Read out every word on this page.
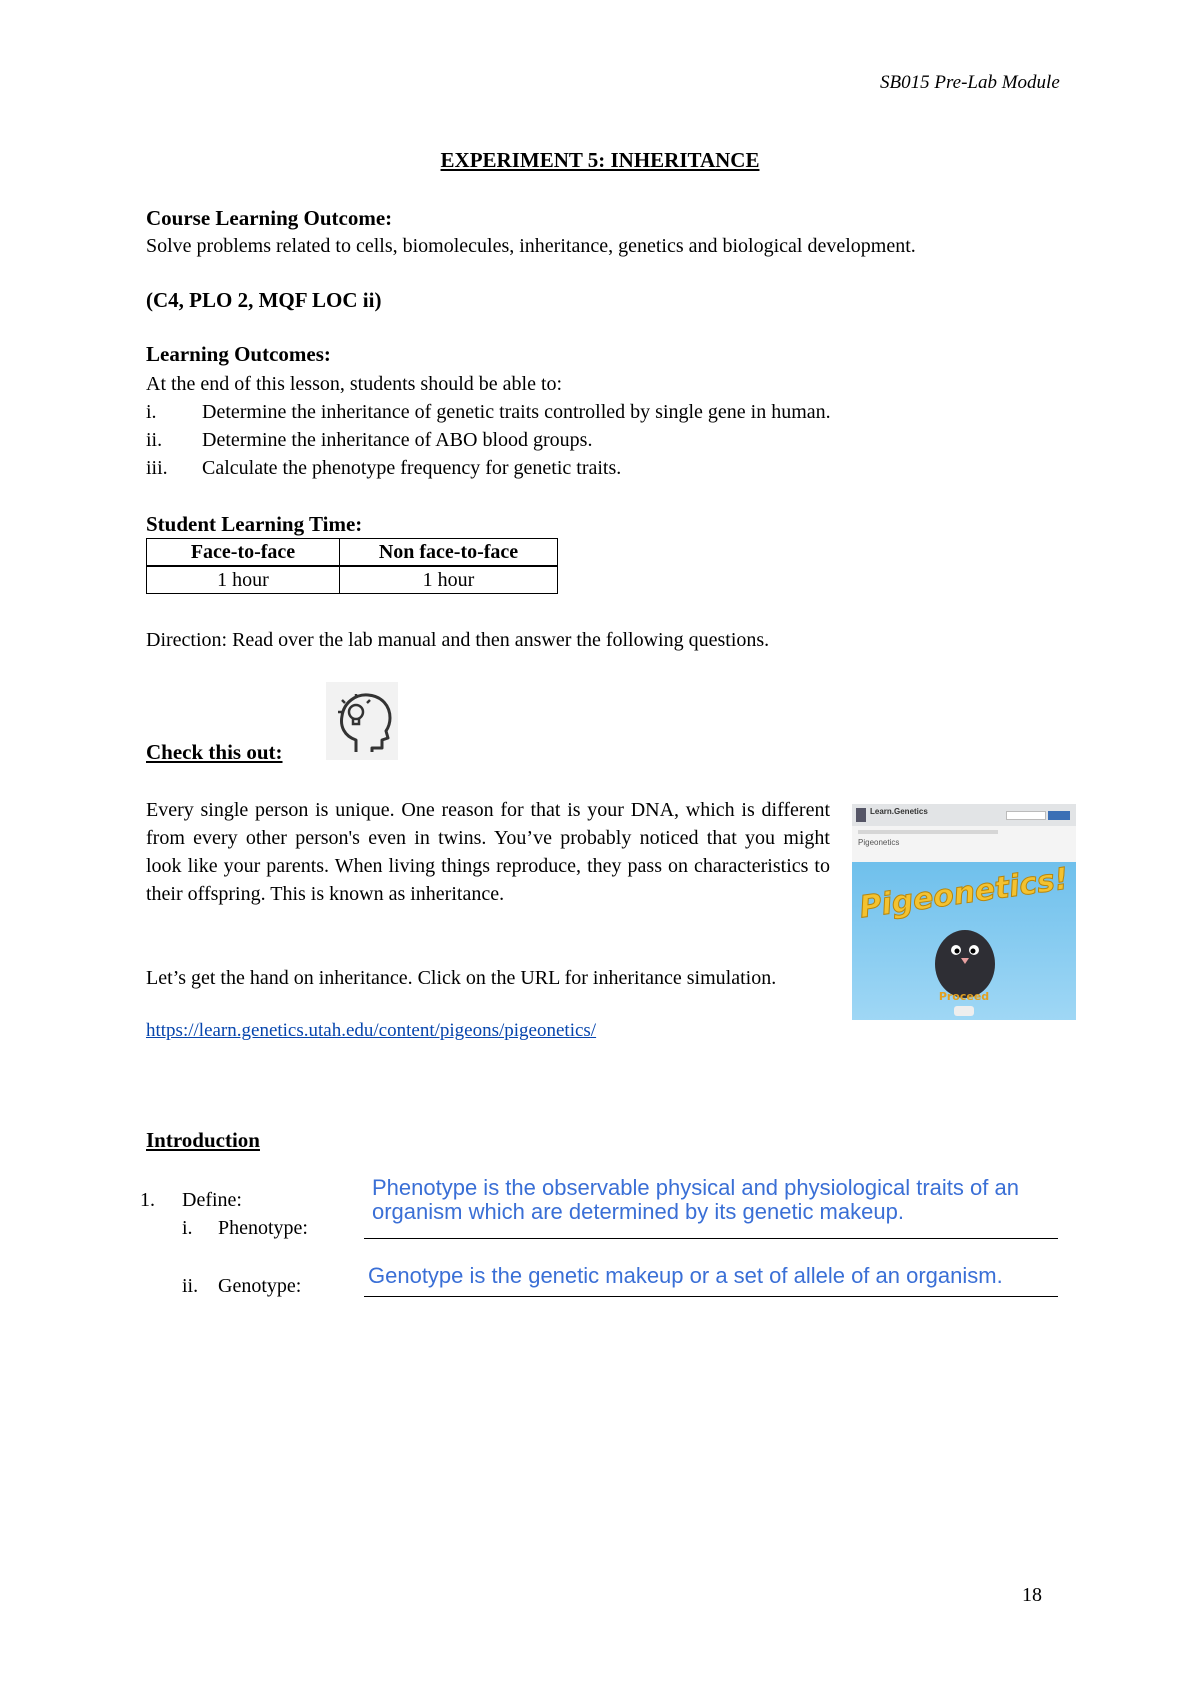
SB015 Pre-Lab Module
EXPERIMENT 5: INHERITANCE
Course Learning Outcome:
Solve problems related to cells, biomolecules, inheritance, genetics and biological development.
(C4, PLO 2, MQF LOC ii)
Learning Outcomes:
At the end of this lesson, students should be able to:
i. Determine the inheritance of genetic traits controlled by single gene in human.
ii. Determine the inheritance of ABO blood groups.
iii. Calculate the phenotype frequency for genetic traits.
Student Learning Time:
Face-to-face	Non face-to-face
1 hour	1 hour
Direction: Read over the lab manual and then answer the following questions.
Check this out:
Every single person is unique. One reason for that is your DNA, which is different from every other person's even in twins. You’ve probably noticed that you might look like your parents. When living things reproduce, they pass on characteristics to their offspring. This is known as inheritance.
Let’s get the hand on inheritance. Click on the URL for inheritance simulation.
https://learn.genetics.utah.edu/content/pigeons/pigeonetics/
Learn.Genetics
Pigeonetics
Pigeonetics!
Proceed
Introduction
1. Define:
i. Phenotype:
Phenotype is the observable physical and physiological traits of an
organism which are determined by its genetic makeup.
ii. Genotype:	Genotype is the genetic makeup or a set of allele of an organism.
18
